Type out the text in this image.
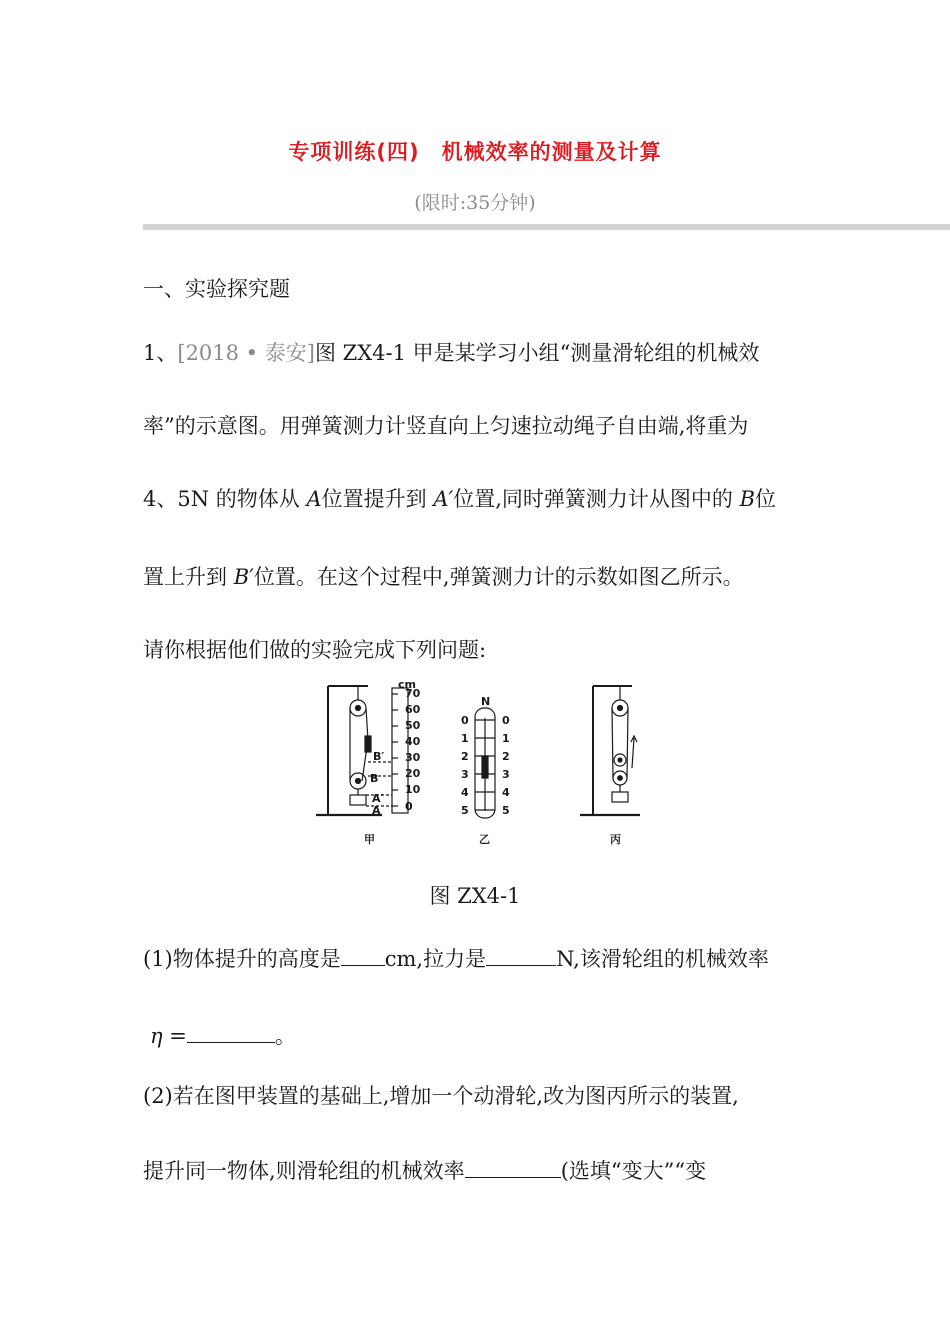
专项训练(四)　机械效率的测量及计算
(限时:35分钟)
一、实验探究题
1、[2018 • 泰安]图 ZX4-1 甲是某学习小组“测量滑轮组的机械效
率”的示意图。用弹簧测力计竖直向上匀速拉动绳子自由端,将重为
4、5N 的物体从 A位置提升到 A′位置,同时弹簧测力计从图中的 B位
置上升到 B′位置。在这个过程中,弹簧测力计的示数如图乙所示。
请你根据他们做的实验完成下列问题:
0
10
20
30
40
50
60
70
cm
B′
B
A′
A
N
0
1
2
3
4
5
0
1
2
3
4
5
甲	乙	丙
图 ZX4-1
(1)物体提升的高度是 cm,拉力是	N,该滑轮组的机械效率
η =	。
(2)若在图甲装置的基础上,增加一个动滑轮,改为图丙所示的装置,
提升同一物体,则滑轮组的机械效率	(选填“变大”“变
